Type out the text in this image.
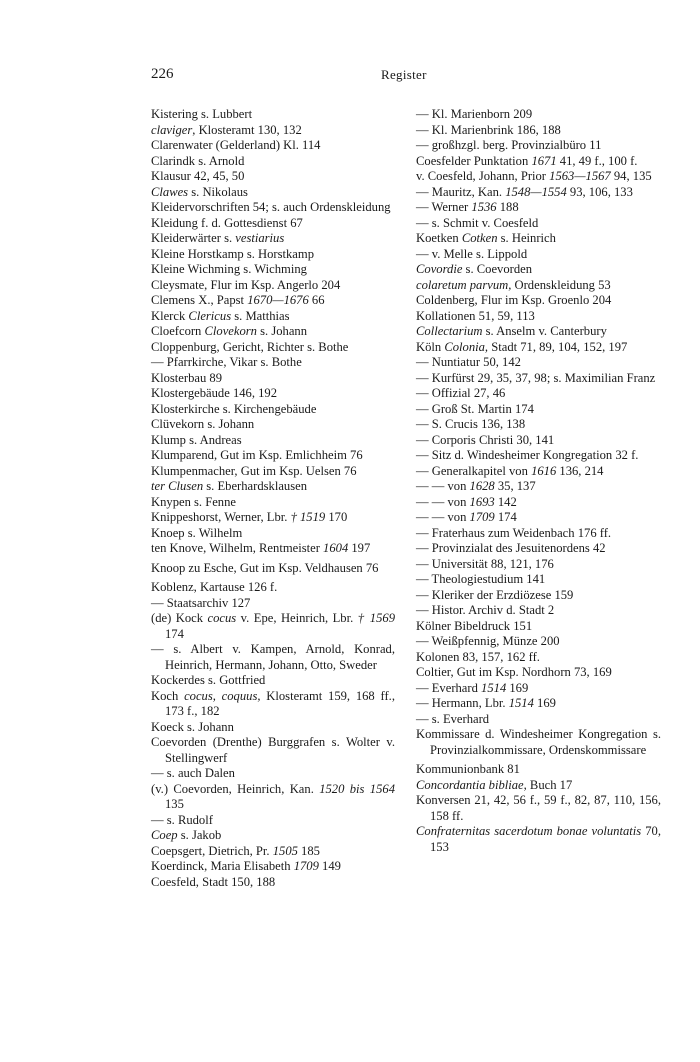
226	Register

Kistering s. Lubbert

claviger, Klosteramt 130, 132

Clarenwater (Gelderland) Kl. 114

Clarindk s. Arnold

Klausur 42, 45, 50

Clawes s. Nikolaus

Kleidervorschriften 54; s. auch Ordenskleidung

Kleidung f. d. Gottesdienst 67

Kleiderwärter s. vestiarius

Kleine Horstkamp s. Horstkamp

Kleine Wichming s. Wichming

Cleysmate, Flur im Ksp. Angerlo 204

Clemens X., Papst 1670—1676 66

Klerck Clericus s. Matthias

Cloefcorn Clovekorn s. Johann

Cloppenburg, Gericht, Richter s. Bothe

— Pfarrkirche, Vikar s. Bothe

Klosterbau 89

Klostergebäude 146, 192

Klosterkirche s. Kirchengebäude

Clüvekorn s. Johann

Klump s. Andreas

Klumparend, Gut im Ksp. Emlichheim 76

Klumpenmacher, Gut im Ksp. Uelsen 76

ter Clusen s. Eberhardsklausen

Knypen s. Fenne

Knippeshorst, Werner, Lbr. † 1519 170

Knoep s. Wilhelm

ten Knove, Wilhelm, Rentmeister 1604 197

Knoop zu Esche, Gut im Ksp. Veldhausen 76

Koblenz, Kartause 126 f.

— Staatsarchiv 127

(de) Kock cocus v. Epe, Heinrich, Lbr. † 1569 174

— s. Albert v. Kampen, Arnold, Konrad, Heinrich, Hermann, Johann, Otto, Sweder

Kockerdes s. Gottfried

Koch cocus, coquus, Klosteramt 159, 168 ff., 173 f., 182

Koeck s. Johann

Coevorden (Drenthe) Burggrafen s. Wolter v. Stellingwerf

— s. auch Dalen

(v.) Coevorden, Heinrich, Kan. 1520 bis 1564 135

— s. Rudolf

Coep s. Jakob

Coepsgert, Dietrich, Pr. 1505 185

Koerdinck, Maria Elisabeth 1709 149

Coesfeld, Stadt 150, 188

— Kl. Marienborn 209

— Kl. Marienbrink 186, 188

— großhzgl. berg. Provinzialbüro 11

Coesfelder Punktation 1671 41, 49 f., 100 f.

v. Coesfeld, Johann, Prior 1563—1567 94, 135

— Mauritz, Kan. 1548—1554 93, 106, 133

— Werner 1536 188

— s. Schmit v. Coesfeld

Koetken Cotken s. Heinrich

— v. Melle s. Lippold

Covordie s. Coevorden

colaretum parvum, Ordenskleidung 53

Coldenberg, Flur im Ksp. Groenlo 204

Kollationen 51, 59, 113

Collectarium s. Anselm v. Canterbury

Köln Colonia, Stadt 71, 89, 104, 152, 197

— Nuntiatur 50, 142

— Kurfürst 29, 35, 37, 98; s. Maximilian Franz

— Offizial 27, 46

— Groß St. Martin 174

— S. Crucis 136, 138

— Corporis Christi 30, 141

— Sitz d. Windesheimer Kongregation 32 f.

— Generalkapitel von 1616 136, 214

— — von 1628 35, 137

— — von 1693 142

— — von 1709 174

— Fraterhaus zum Weidenbach 176 ff.

— Provinzialat des Jesuitenordens 42

— Universität 88, 121, 176

— Theologiestudium 141

— Kleriker der Erzdiözese 159

— Histor. Archiv d. Stadt 2

Kölner Bibeldruck 151

— Weißpfennig, Münze 200

Kolonen 83, 157, 162 ff.

Coltier, Gut im Ksp. Nordhorn 73, 169

— Everhard 1514 169

— Hermann, Lbr. 1514 169

— s. Everhard

Kommissare d. Windesheimer Kongregation s. Provinzialkommissare, Ordenskommissare

Kommunionbank 81

Concordantia bibliae, Buch 17

Konversen 21, 42, 56 f., 59 f., 82, 87, 110, 156, 158 ff.

Confraternitas sacerdotum bonae voluntatis 70, 153
